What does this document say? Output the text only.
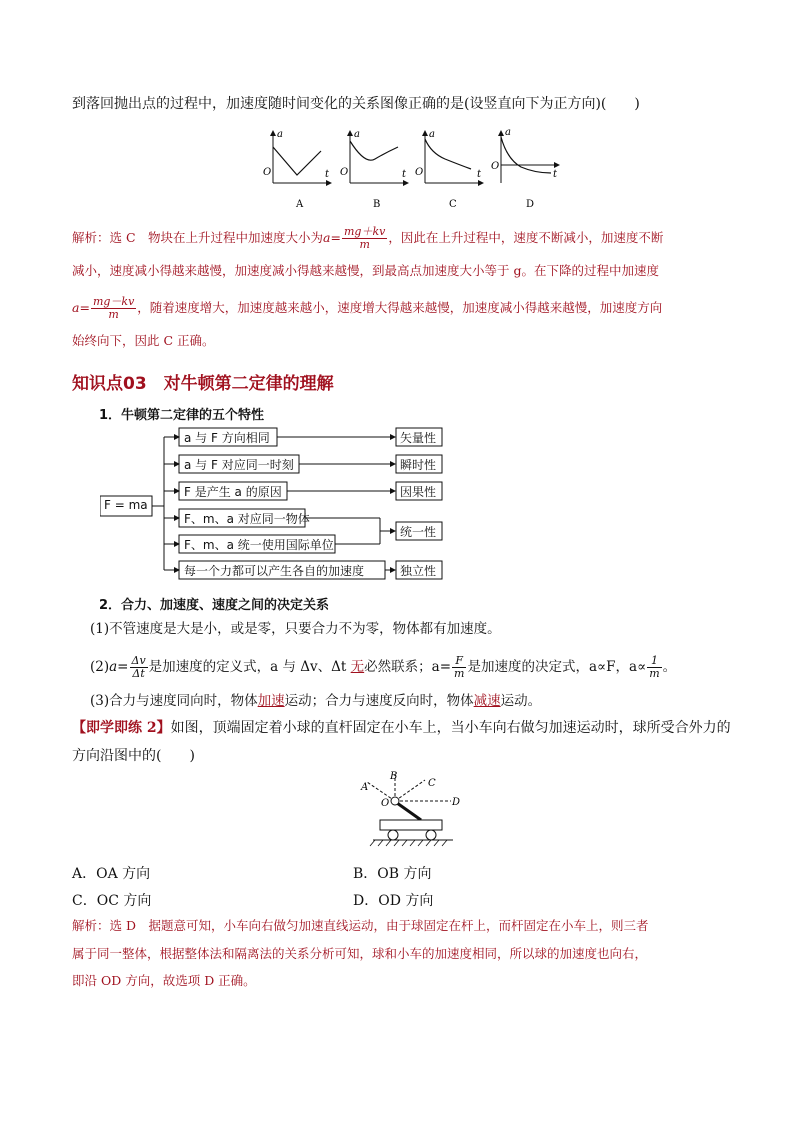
到落回抛出点的过程中，加速度随时间变化的关系图像正确的是(设竖直向下为正方向)(　　)
a
O	t
A
a
O	t
B
a
O	t
C
a
O
t
D
解析：选 C　物块在上升过程中加速度大小为$a= \frac{mg+kv}{m}$ ，因此在上升过程中，速度不断减小，加速度不断
减小，速度减小得越来越慢，加速度减小得越来越慢，到最高点加速度大小等于 g。在下降的过程中加速度
$a= \frac{mg-kv}{m}$ ，随着速度增大，加速度越来越小，速度增大得越来越慢，加速度减小得越来越慢，加速度方向
始终向下，因此 C 正确。
知识点03　对牛顿第二定律的理解
1．牛顿第二定律的五个特性
F = ma
a 与 F 方向相同
a 与 F 对应同一时刻
F 是产生 a 的原因
F、m、a 对应同一物体
F、m、a 统一使用国际单位
每一个力都可以产生各自的加速度
矢量性
瞬时性
因果性
统一性
独立性
2．合力、加速度、速度之间的决定关系
(1)不管速度是大是小，或是零，只要合力不为零，物体都有加速度。
$(2)a= \frac{\Delta v}{\Delta t}$ 是加速度的定义式，a 与 Δv、Δt 无必然联系；$a= \frac{F}{m}$ 是加速度的决定式，a∝F，$a\propto \frac{1}{m}$ 。
(3)合力与速度同向时，物体加速运动；合力与速度反向时，物体减速运动。
【即学即练 2】如图，顶端固定着小球的直杆固定在小车上，当小车向右做匀加速运动时，球所受合外力的
方向沿图中的(　　)
A
B
C
D
O
A．OA 方向	B．OB 方向
C．OC 方向	D．OD 方向
解析：选 D　据题意可知，小车向右做匀加速直线运动，由于球固定在杆上，而杆固定在小车上，则三者
属于同一整体，根据整体法和隔离法的关系分析可知，球和小车的加速度相同，所以球的加速度也向右，
即沿 OD 方向，故选项 D 正确。
